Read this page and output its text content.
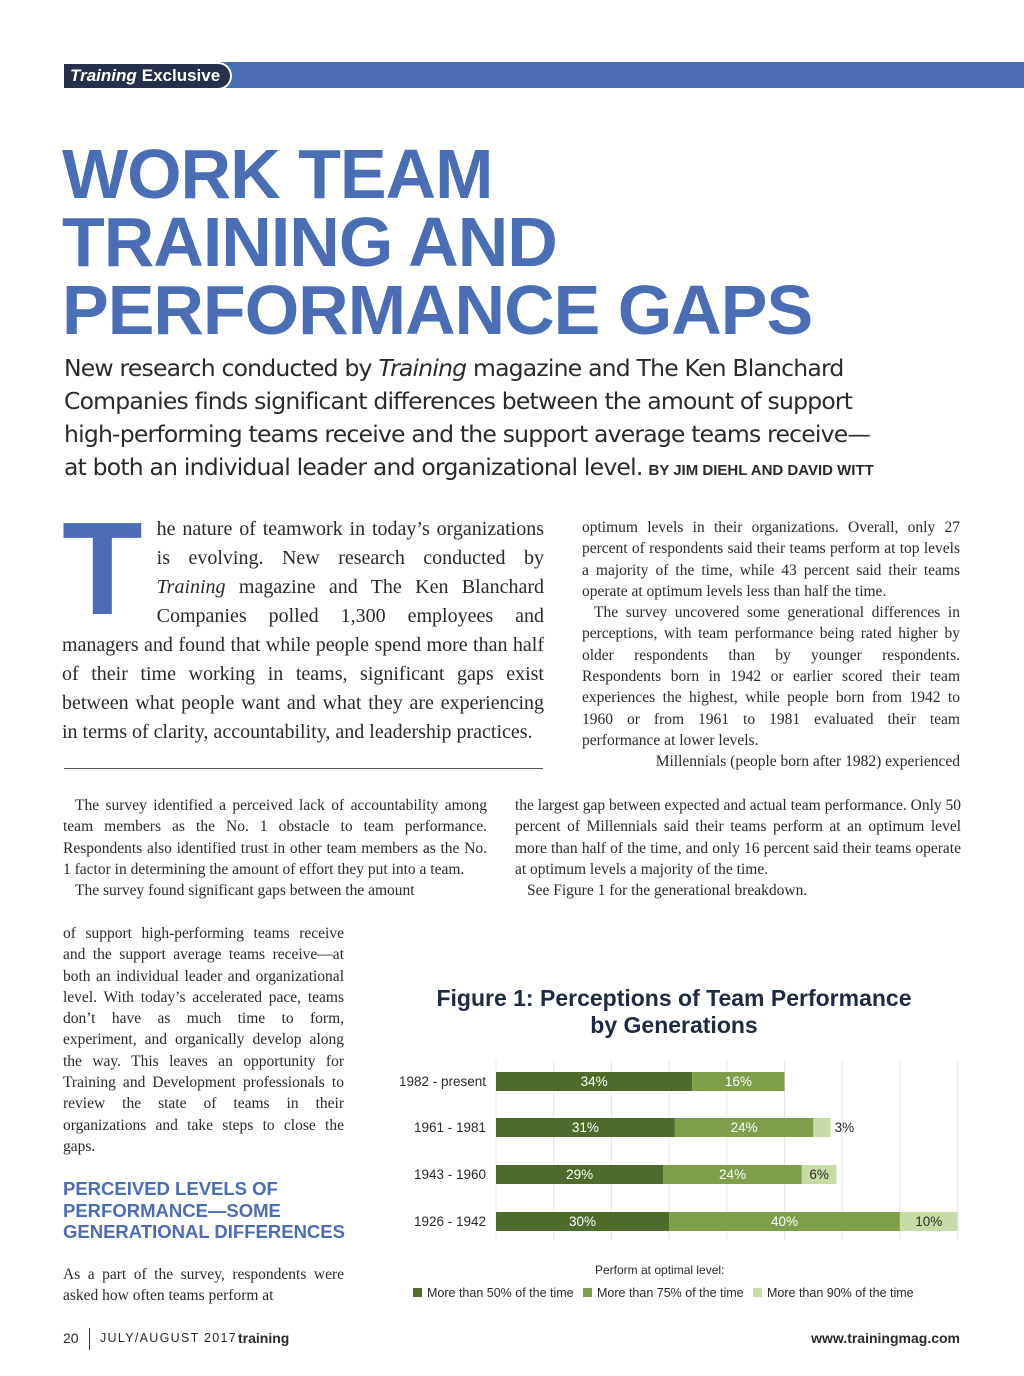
Training Exclusive
WORK TEAM
TRAINING AND
PERFORMANCE GAPS
New research conducted by Training magazine and The Ken Blanchard
Companies finds significant differences between the amount of support
high-performing teams receive and the support average teams receive—
at both an individual leader and organizational level. BY JIM DIEHL AND DAVID WITT
The nature of teamwork in today’s organizations is evolving. New research conducted by Training magazine and The Ken Blanchard Companies polled 1,300 employees and managers and found that while people spend more than half of their time working in teams, significant gaps exist between what people want and what they are experiencing in terms of clarity, accountability, and leadership practices.

optimum levels in their organizations. Overall, only 27 percent of respondents said their teams perform at top levels a majority of the time, while 43 percent said their teams operate at optimum levels less than half the time.

The survey uncovered some generational differences in perceptions, with team performance being rated higher by older respondents than by younger respondents. Respondents born in 1942 or earlier scored their team experiences the highest, while people born from 1942 to 1960 or from 1961 to 1981 evaluated their team performance at lower levels.

Millennials (people born after 1982) experienced

the largest gap between expected and actual team performance. Only 50 percent of Millennials said their teams perform at an optimum level more than half of the time, and only 16 percent said their teams operate at optimum levels a majority of the time.

See Figure 1 for the generational breakdown.

The survey identified a perceived lack of accountability among team members as the No. 1 obstacle to team performance. Respondents also identified trust in other team members as the No. 1 factor in determining the amount of effort they put into a team.

The survey found significant gaps between the amount

of support high-performing teams receive and the support average teams receive—at both an individual leader and organizational level. With today’s accelerated pace, teams don’t have as much time to form, experiment, and organically develop along the way. This leaves an opportunity for Training and Development professionals to review the state of teams in their organizations and take steps to close the gaps.

PERCEIVED LEVELS OF PERFORMANCE—SOME GENERATIONAL DIFFERENCES

As a part of the survey, respondents were asked how often teams perform at

Figure 1: Perceptions of Team Performance
by Generations
1982 - present	34%	16%
1961 - 1981	31%	24%	3%
1943 - 1960	29%	24%	6%
1926 - 1942	30%	40%	10%
Perform at optimal level:
More than 50% of the time More than 75% of the time More than 90% of the time
20 JULY/AUGUST 2017 training	www.trainingmag.com
